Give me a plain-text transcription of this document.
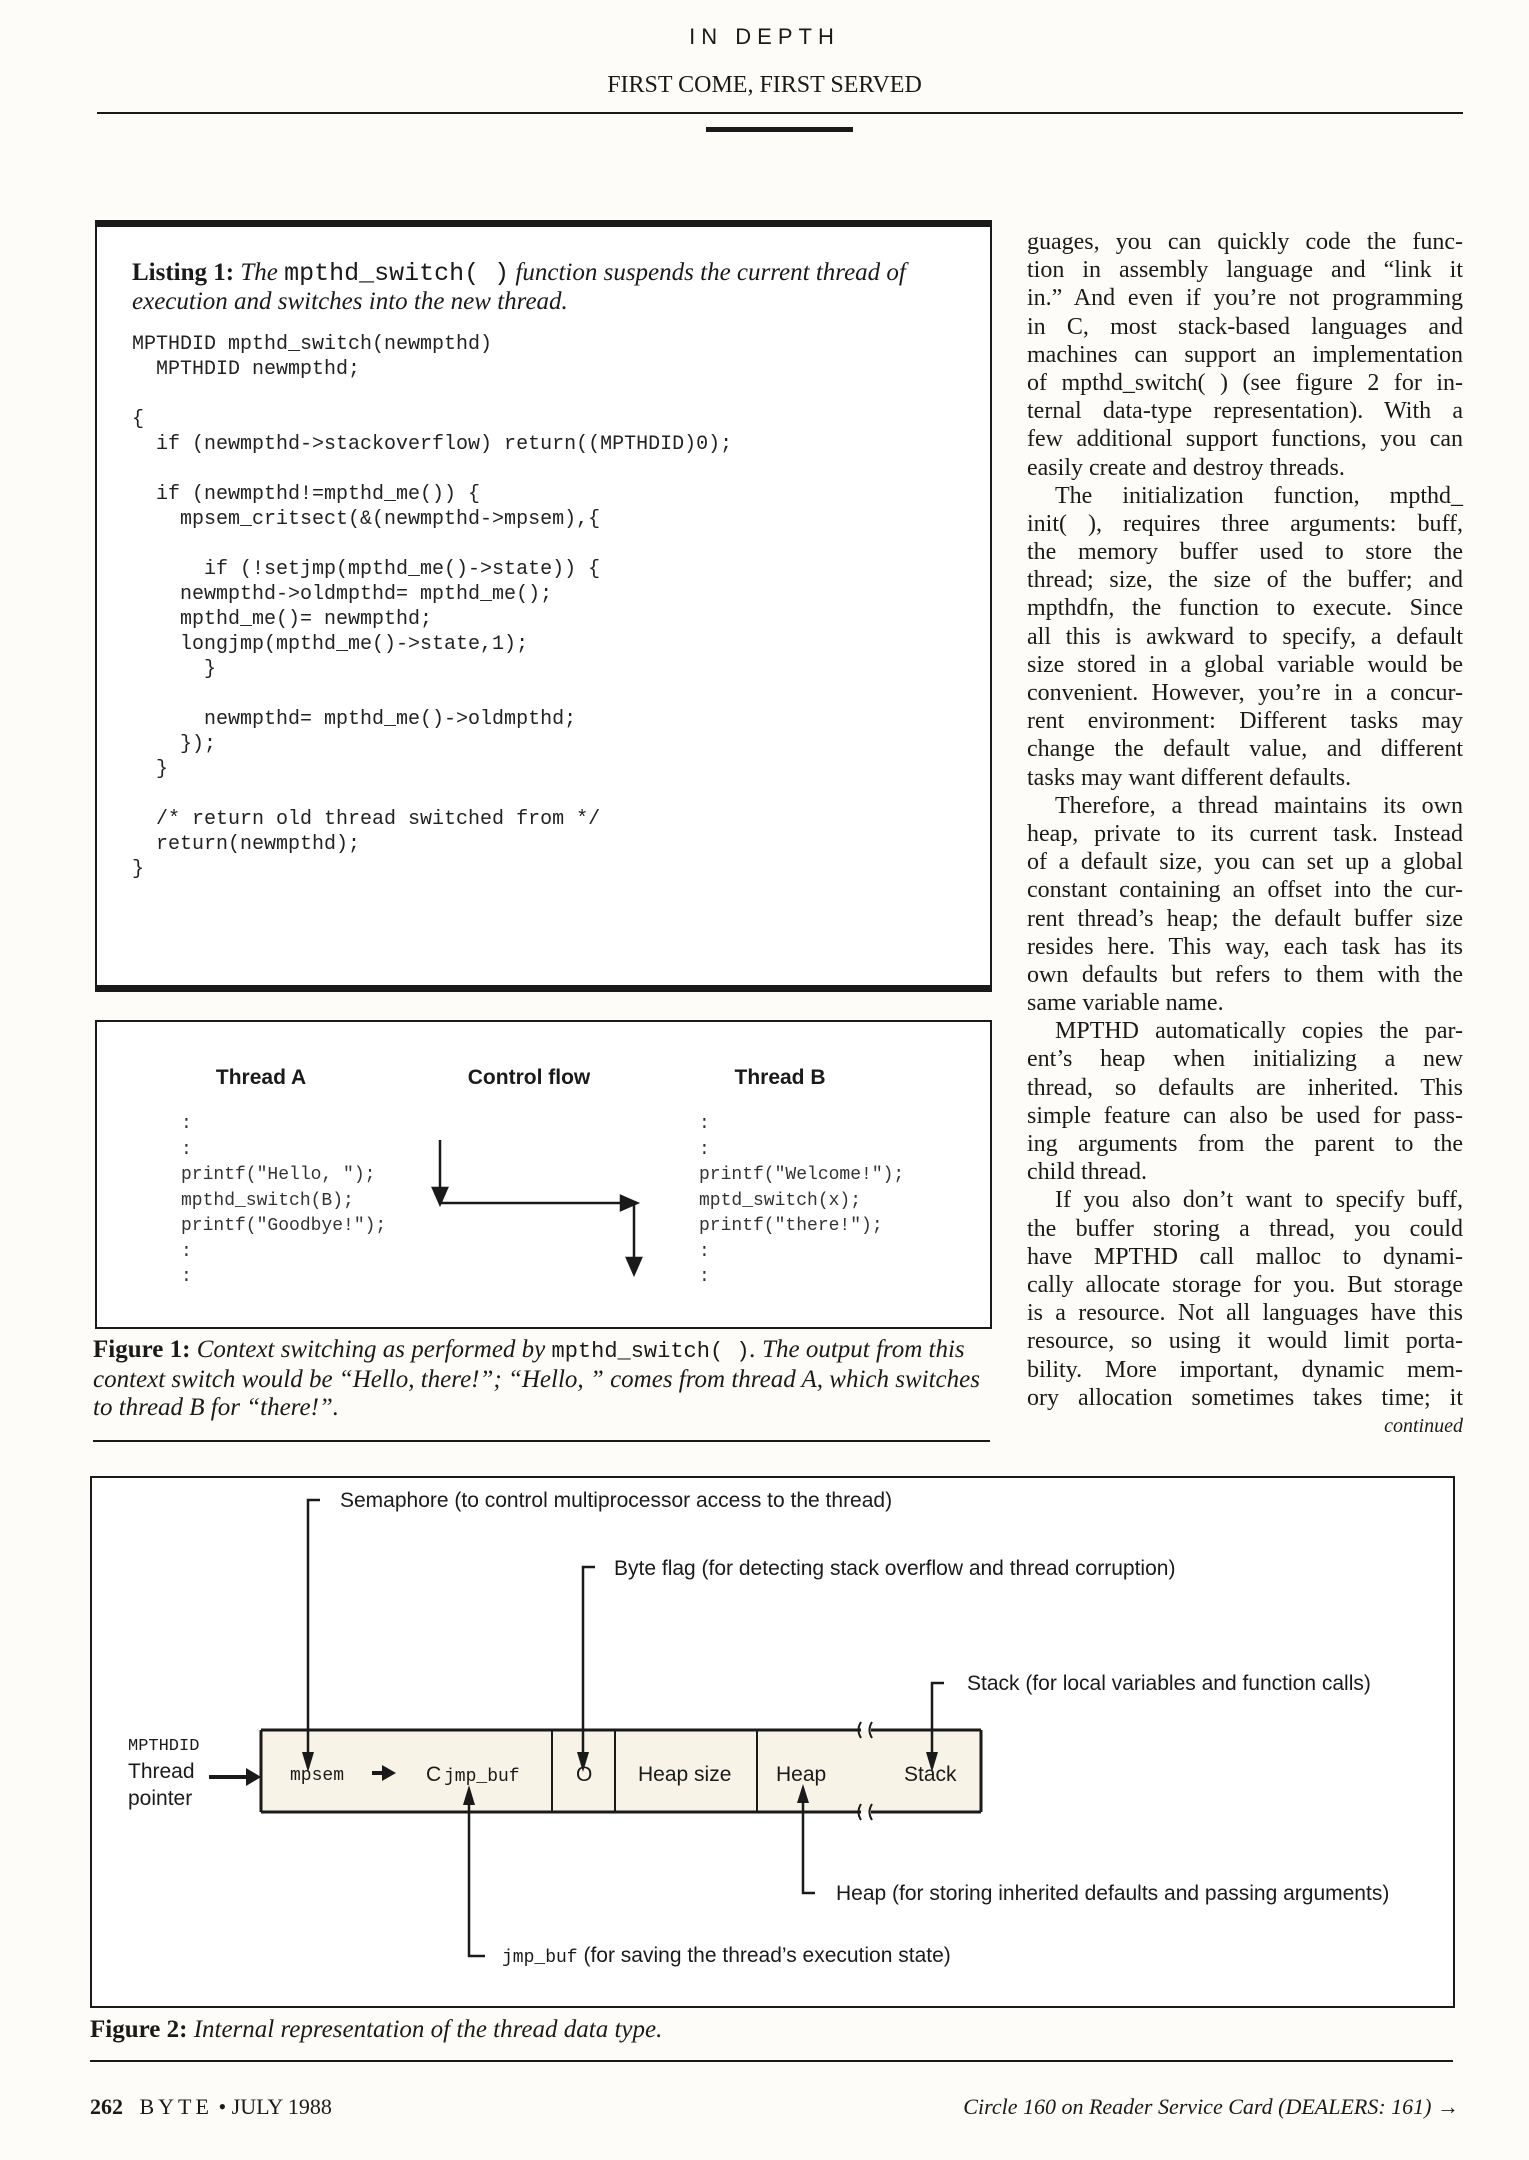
IN DEPTH
FIRST COME, FIRST SERVED
Listing 1: The mpthd_switch( ) function suspends the current thread of execution and switches into the new thread.
MPTHDID mpthd_switch(newmpthd)
MPTHDID newmpthd;

{
if (newmpthd->stackoverflow) return((MPTHDID)0);

if (newmpthd!=mpthd_me()) {
mpsem_critsect(&(newmpthd->mpsem),{

if (!setjmp(mpthd_me()->state)) {
newmpthd->oldmpthd= mpthd_me();
mpthd_me()= newmpthd;
longjmp(mpthd_me()->state,1);
}

newmpthd= mpthd_me()->oldmpthd;
});
}

/* return old thread switched from */
return(newmpthd);
}
guages, you can quickly code the func-
tion in assembly language and “link it
in.” And even if you’re not programming
in C, most stack-based languages and
machines can support an implementation
of mpthd_switch( ) (see figure 2 for in-
ternal data-type representation). With a
few additional support functions, you can
easily create and destroy threads.
The initialization function, mpthd_
init( ), requires three arguments: buff,
the memory buffer used to store the
thread; size, the size of the buffer; and
mpthdfn, the function to execute. Since
all this is awkward to specify, a default
size stored in a global variable would be
convenient. However, you’re in a concur-
rent environment: Different tasks may
change the default value, and different
tasks may want different defaults.
Therefore, a thread maintains its own
heap, private to its current task. Instead
of a default size, you can set up a global
constant containing an offset into the cur-
rent thread’s heap; the default buffer size
resides here. This way, each task has its
own defaults but refers to them with the
same variable name.
MPTHD automatically copies the par-
ent’s heap when initializing a new
thread, so defaults are inherited. This
simple feature can also be used for pass-
ing arguments from the parent to the
child thread.
If you also don’t want to specify buff,
the buffer storing a thread, you could
have MPTHD call malloc to dynami-
cally allocate storage for you. But storage
is a resource. Not all languages have this
resource, so using it would limit porta-
bility. More important, dynamic mem-
ory allocation sometimes takes time; it
continued
Thread A	Control flow	Thread B
:
:
printf("Hello, ");
mpthd_switch(B);
printf("Goodbye!");
:
:
:
:
printf("Welcome!");
mptd_switch(x);
printf("there!");
:
:
Figure 1: Context switching as performed by mpthd_switch( ). The output from this context switch would be “Hello, there!”; “Hello, ” comes from thread A, which switches to thread B for “there!”.
Semaphore (to control multiprocessor access to the thread)
Byte flag (for detecting stack overflow and thread corruption)
Stack (for local variables and function calls)
Heap (for storing inherited defaults and passing arguments)
jmp_buf (for saving the thread’s execution state)
MPTHDID
Thread
pointer
mpsem	C jmp_buf	O Heap size Heap	Stack
Figure 2: Internal representation of the thread data type.
262 BYTE • JULY 1988	Circle 160 on Reader Service Card (DEALERS: 161) →
